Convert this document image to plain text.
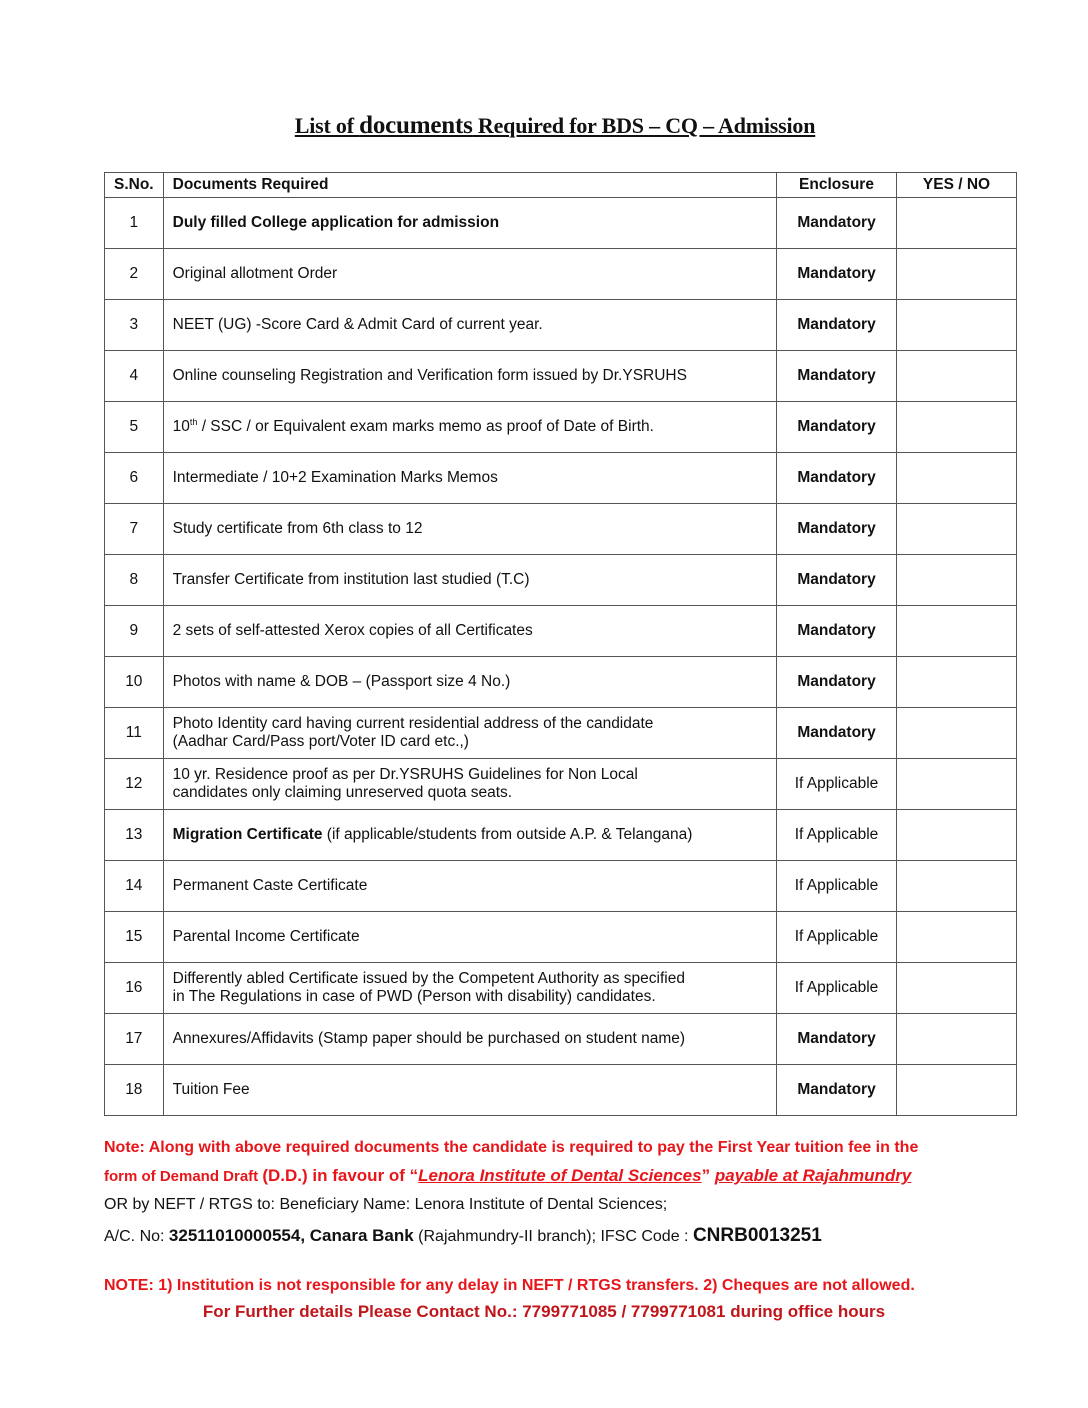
List of documents Required for BDS – CQ – Admission
S.No.	Documents Required	Enclosure	YES / NO
1	Duly filled College application for admission	Mandatory	
2	Original allotment Order	Mandatory	
3	NEET (UG) -Score Card & Admit Card of current year.	Mandatory	
4	Online counseling Registration and Verification form issued by Dr.YSRUHS	Mandatory	
5	10th / SSC / or Equivalent exam marks memo as proof of Date of Birth.	Mandatory	
6	Intermediate / 10+2 Examination Marks Memos	Mandatory	
7	Study certificate from 6th class to 12	Mandatory	
8	Transfer Certificate from institution last studied (T.C)	Mandatory	
9	2 sets of self-attested Xerox copies of all Certificates	Mandatory	
10	Photos with name & DOB – (Passport size 4 No.)	Mandatory	
11	Photo Identity card having current residential address of the candidate
(Aadhar Card/Pass port/Voter ID card etc.,)	Mandatory	
12	10 yr. Residence proof as per Dr.YSRUHS Guidelines for Non Local
candidates only claiming unreserved quota seats.	If Applicable	
13	Migration Certificate (if applicable/students from outside A.P. & Telangana)	If Applicable	
14	Permanent Caste Certificate	If Applicable	
15	Parental Income Certificate	If Applicable	
16	Differently abled Certificate issued by the Competent Authority as specified
in The Regulations in case of PWD (Person with disability) candidates.	If Applicable	
17	Annexures/Affidavits (Stamp paper should be purchased on student name)	Mandatory	
18	Tuition Fee	Mandatory	
Note: Along with above required documents the candidate is required to pay the First Year tuition fee in the
form of Demand Draft (D.D.) in favour of “Lenora Institute of Dental Sciences” payable at Rajahmundry
OR by NEFT / RTGS to: Beneficiary Name: Lenora Institute of Dental Sciences;
A/C. No: 32511010000554, Canara Bank (Rajahmundry-II branch); IFSC Code : CNRB0013251
NOTE: 1) Institution is not responsible for any delay in NEFT / RTGS transfers. 2) Cheques are not allowed.
For Further details Please Contact No.: 7799771085 / 7799771081 during office hours
